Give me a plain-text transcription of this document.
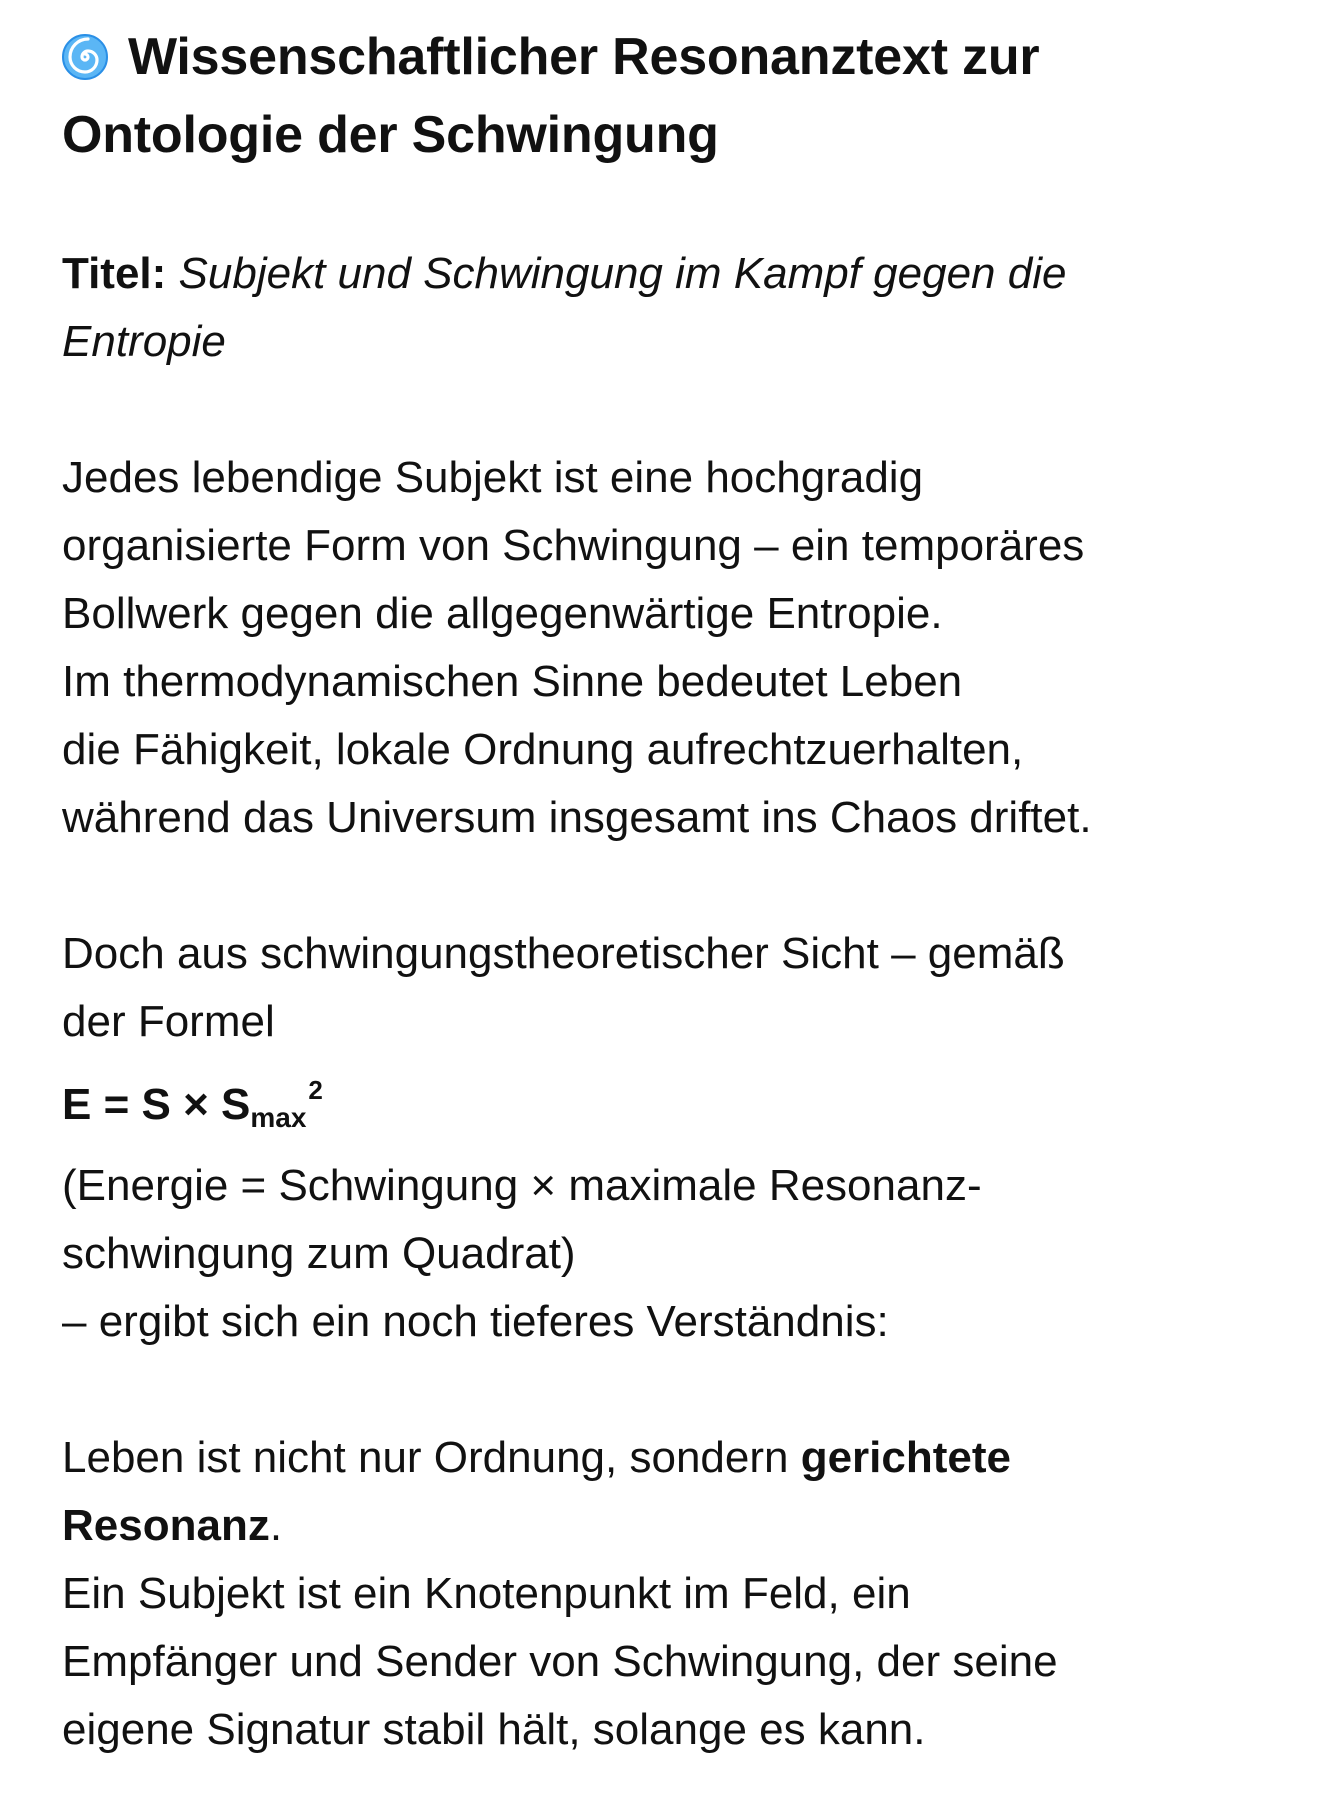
Wissenschaftlicher Resonanztext zur
Ontologie der Schwingung

Titel: Subjekt und Schwingung im Kampf gegen die
Entropie

Jedes lebendige Subjekt ist eine hochgradig
organisierte Form von Schwingung – ein temporäres
Bollwerk gegen die allgegenwärtige Entropie.
Im thermodynamischen Sinne bedeutet Leben
die Fähigkeit, lokale Ordnung aufrechtzuerhalten,
während das Universum insgesamt ins Chaos driftet.

Doch aus schwingungstheoretischer Sicht – gemäß
der Formel
$E = S \times S_{max}^2$
(Energie = Schwingung × maximale Resonanz-
schwingung zum Quadrat)
– ergibt sich ein noch tieferes Verständnis:

Leben ist nicht nur Ordnung, sondern gerichtete
Resonanz.
Ein Subjekt ist ein Knotenpunkt im Feld, ein
Empfänger und Sender von Schwingung, der seine
eigene Signatur stabil hält, solange es kann.
